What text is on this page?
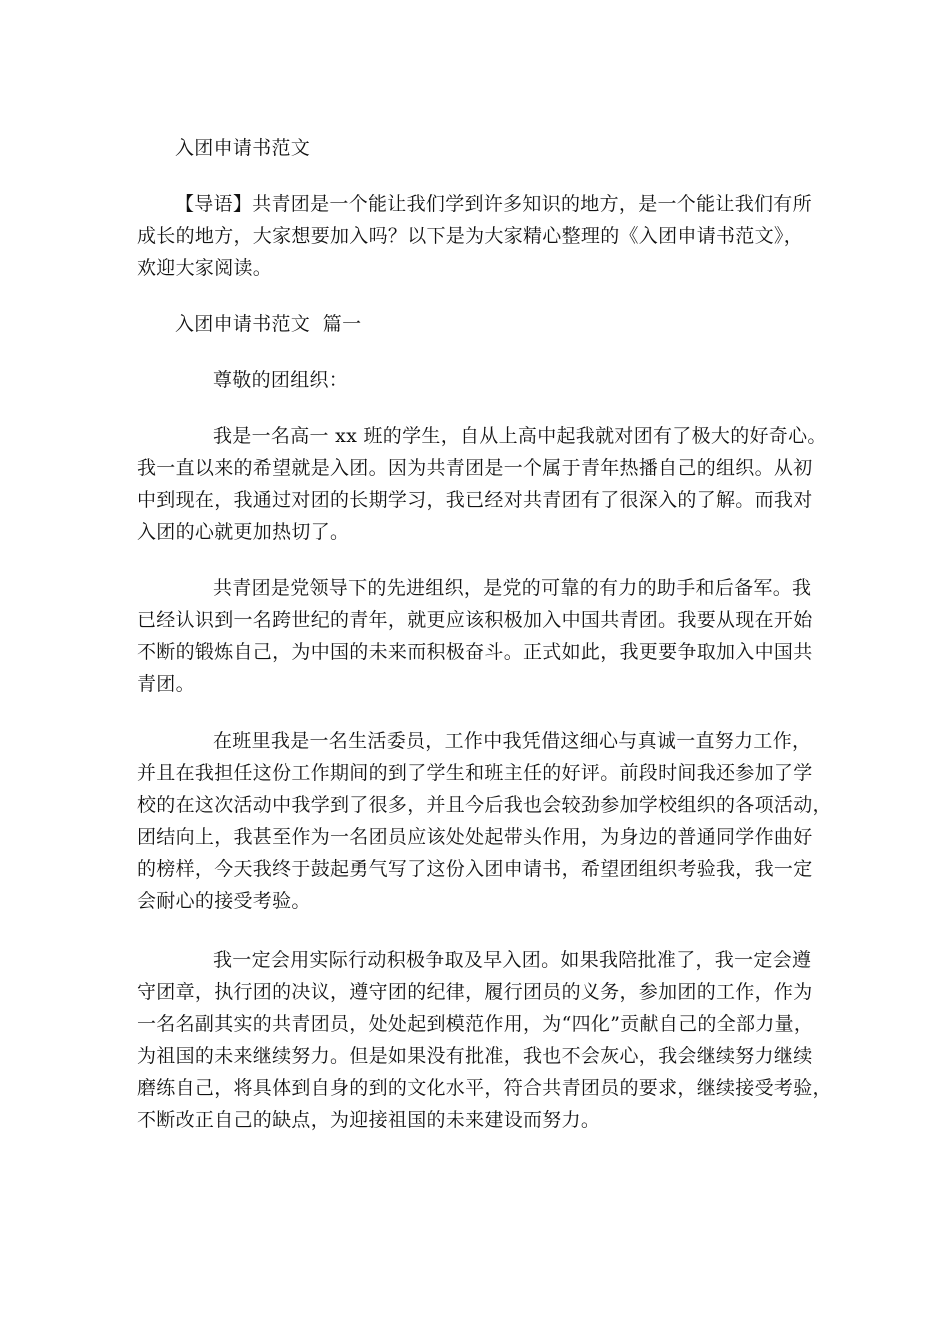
入团申请书范文
【导语】共青团是一个能让我们学到许多知识的地方，是一个能让我们有所
成长的地方，大家想要加入吗？以下是为大家精心整理的《入团申请书范文》，
欢迎大家阅读。
入团申请书范文  篇一
尊敬的团组织：
我是一名高一 xx 班的学生，自从上高中起我就对团有了极大的好奇心。
我一直以来的希望就是入团。因为共青团是一个属于青年热播自己的组织。从初
中到现在，我通过对团的长期学习，我已经对共青团有了很深入的了解。而我对
入团的心就更加热切了。
共青团是党领导下的先进组织，是党的可靠的有力的助手和后备军。我
已经认识到一名跨世纪的青年，就更应该积极加入中国共青团。我要从现在开始
不断的锻炼自己，为中国的未来而积极奋斗。正式如此，我更要争取加入中国共
青团。
在班里我是一名生活委员，工作中我凭借这细心与真诚一直努力工作，
并且在我担任这份工作期间的到了学生和班主任的好评。前段时间我还参加了学
校的在这次活动中我学到了很多，并且今后我也会较劲参加学校组织的各项活动，
团结向上，我甚至作为一名团员应该处处起带头作用，为身边的普通同学作曲好
的榜样，今天我终于鼓起勇气写了这份入团申请书，希望团组织考验我，我一定
会耐心的接受考验。
我一定会用实际行动积极争取及早入团。如果我陪批准了，我一定会遵
守团章，执行团的决议，遵守团的纪律，履行团员的义务，参加团的工作，作为
一名名副其实的共青团员，处处起到模范作用，为“四化”贡献自己的全部力量，
为祖国的未来继续努力。但是如果没有批准，我也不会灰心，我会继续努力继续
磨练自己，将具体到自身的到的文化水平，符合共青团员的要求，继续接受考验，
不断改正自己的缺点，为迎接祖国的未来建设而努力。
